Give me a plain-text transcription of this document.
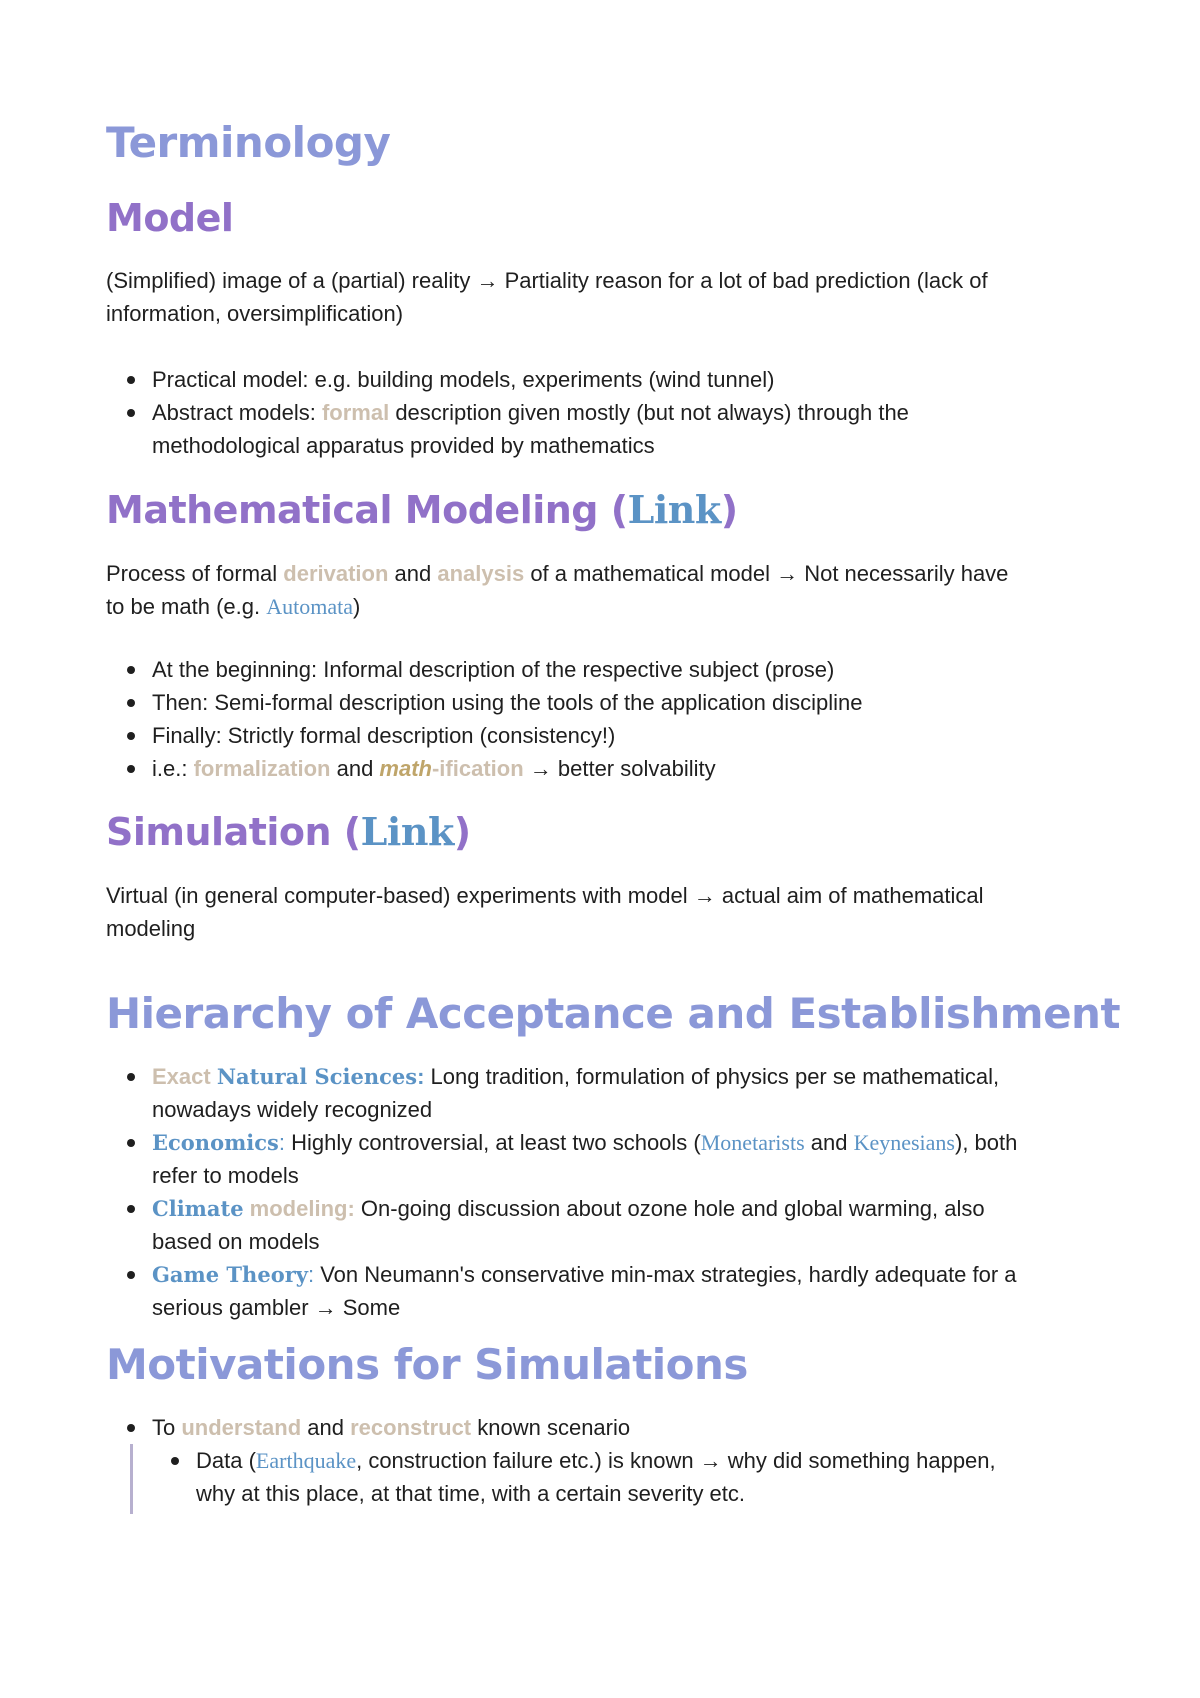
Terminology
Model

(Simplified) image of a (partial) reality → Partiality reason for a lot of bad prediction (lack of

information, oversimplification)

Practical model: e.g. building models, experiments (wind tunnel)
Abstract models: formal description given mostly (but not always) through the
methodological apparatus provided by mathematics
Mathematical Modeling (Link)

Process of formal derivation and analysis of a mathematical model → Not necessarily have

to be math (e.g. Automata)

At the beginning: Informal description of the respective subject (prose)
Then: Semi-formal description using the tools of the application discipline
Finally: Strictly formal description (consistency!)
i.e.: formalization and math-ification → better solvability
Simulation (Link)

Virtual (in general computer-based) experiments with model → actual aim of mathematical

modeling

Hierarchy of Acceptance and Establishment
Exact Natural Sciences: Long tradition, formulation of physics per se mathematical,
nowadays widely recognized
Economics: Highly controversial, at least two schools (Monetarists and Keynesians), both
refer to models
Climate modeling: On-going discussion about ozone hole and global warming, also
based on models
Game Theory: Von Neumann's conservative min-max strategies, hardly adequate for a
serious gambler → Some
Motivations for Simulations
To understand and reconstruct known scenario
Data (Earthquake, construction failure etc.) is known → why did something happen,
why at this place, at that time, with a certain severity etc.
